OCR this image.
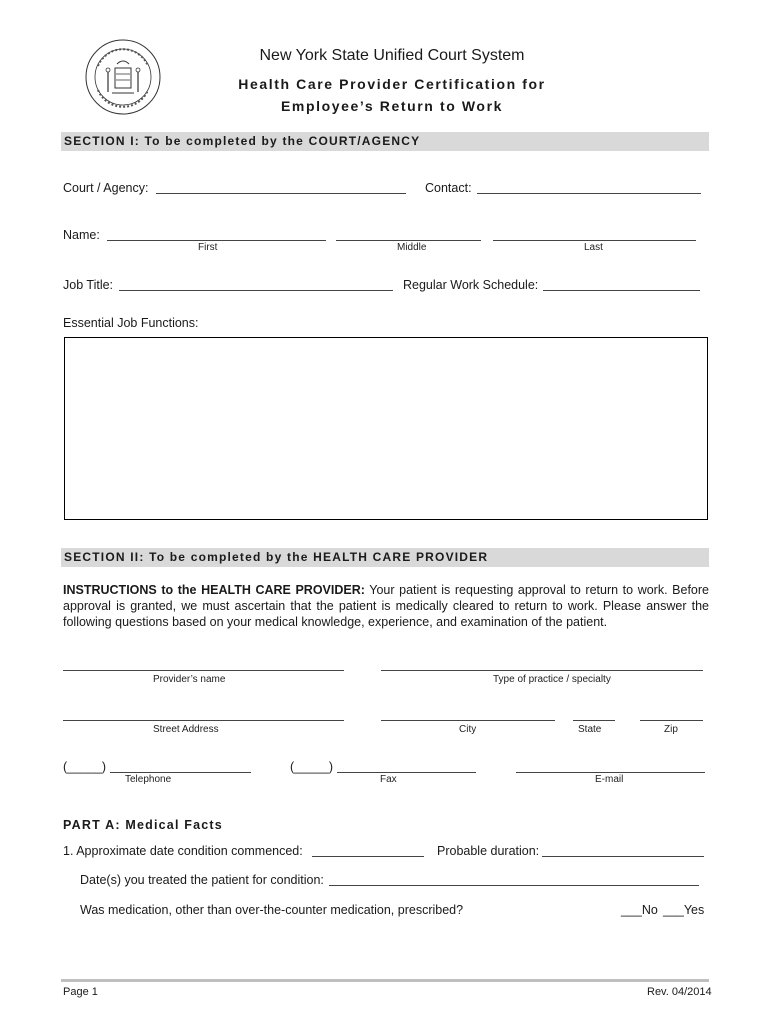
New York State Unified Court System
Health Care Provider Certification for
Employee’s Return to Work
SECTION I: To be completed by the COURT/AGENCY
Court / Agency:	Contact:
Name:
First	Middle	Last
Job Title:	Regular Work Schedule:
Essential Job Functions:
SECTION II: To be completed by the HEALTH CARE PROVIDER
INSTRUCTIONS to the HEALTH CARE PROVIDER: Your patient is requesting approval to return to work. Before approval is granted, we must ascertain that the patient is medically cleared to return to work. Please answer the following questions based on your medical knowledge, experience, and examination of the patient.
Provider’s name	Type of practice / specialty
Street Address	City	State	Zip
(_____)	(_____)
Telephone	Fax	E-mail
PART A: Medical Facts
1. Approximate date condition commenced:	Probable duration:
Date(s) you treated the patient for condition:
Was medication, other than over-the-counter medication, prescribed?	___No ___Yes
Page 1	Rev. 04/2014
